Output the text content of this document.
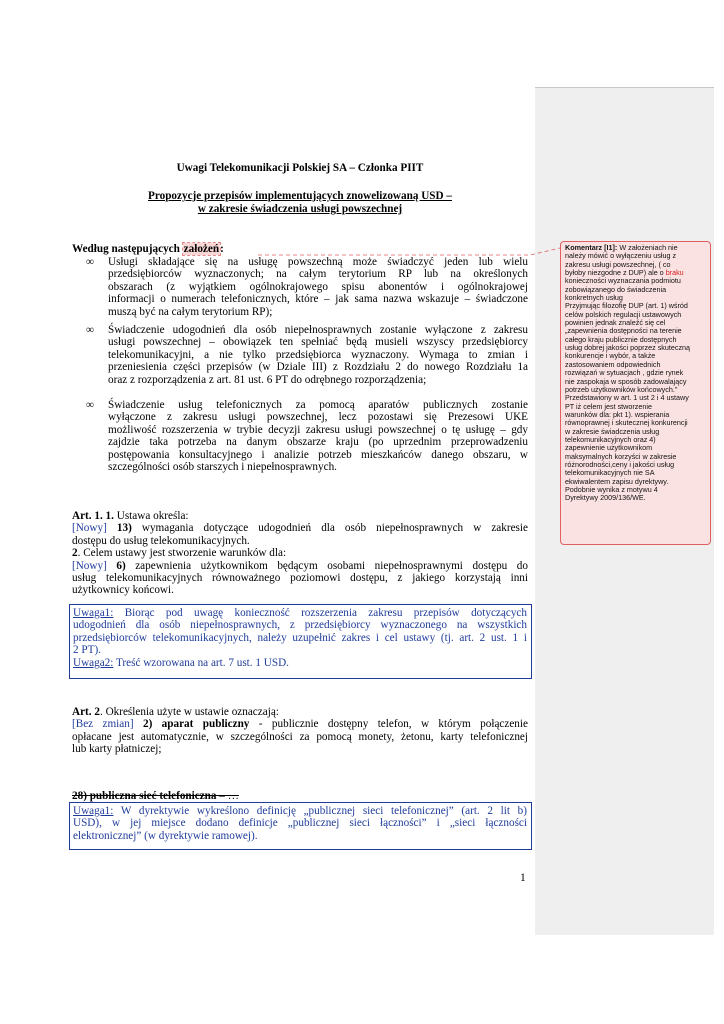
Uwagi Telekomunikacji Polskiej SA – Członka PIIT
Propozycje przepisów implementujących znowelizowaną USD –
w zakresie świadczenia usługi powszechnej
Według następujących założeń:
∞ Usługi składające się na usługę powszechną może świadczyć jeden lub wielu
przedsiębiorców wyznaczonych; na całym terytorium RP lub na określonych
obszarach (z wyjątkiem ogólnokrajowego spisu abonentów i ogólnokrajowej
informacji o numerach telefonicznych, które – jak sama nazwa wskazuje – świadczone
muszą być na całym terytorium RP);
∞ Świadczenie udogodnień dla osób niepełnosprawnych zostanie wyłączone z zakresu
usługi powszechnej – obowiązek ten spełniać będą musieli wszyscy przedsiębiorcy
telekomunikacyjni, a nie tylko przedsiębiorca wyznaczony. Wymaga to zmian i
przeniesienia części przepisów (w Dziale III) z Rozdziału 2 do nowego Rozdziału 1a
oraz z rozporządzenia z art. 81 ust. 6 PT do odrębnego rozporządzenia;
∞ Świadczenie usług telefonicznych za pomocą aparatów publicznych zostanie
wyłączone z zakresu usługi powszechnej, lecz pozostawi się Prezesowi UKE
możliwość rozszerzenia w trybie decyzji zakresu usługi powszechnej o tę usługę – gdy
zajdzie taka potrzeba na danym obszarze kraju (po uprzednim przeprowadzeniu
postępowania konsultacyjnego i analizie potrzeb mieszkańców danego obszaru, w
szczególności osób starszych i niepełnosprawnych.
Art. 1. 1. Ustawa określa:
[Nowy] 13) wymagania dotyczące udogodnień dla osób niepełnosprawnych w zakresie
dostępu do usług telekomunikacyjnych.
2. Celem ustawy jest stworzenie warunków dla:
[Nowy] 6) zapewnienia użytkownikom będącym osobami niepełnosprawnymi dostępu do
usług telekomunikacyjnych równoważnego poziomowi dostępu, z jakiego korzystają inni
użytkownicy końcowi.
Uwaga1: Biorąc pod uwagę konieczność rozszerzenia zakresu przepisów dotyczących
udogodnień dla osób niepełnosprawnych, z przedsiębiorcy wyznaczonego na wszystkich
przedsiębiorców telekomunikacyjnych, należy uzupełnić zakres i cel ustawy (tj. art. 2 ust. 1 i
2 PT).
Uwaga2: Treść wzorowana na art. 7 ust. 1 USD.
Art. 2. Określenia użyte w ustawie oznaczają:
[Bez zmian] 2) aparat publiczny - publicznie dostępny telefon, w którym połączenie
opłacane jest automatycznie, w szczególności za pomocą monety, żetonu, karty telefonicznej
lub karty płatniczej;
28) publiczna sieć telefoniczna – …
Uwaga1: W dyrektywie wykreślono definicję „publicznej sieci telefonicznej” (art. 2 lit b)
USD), w jej miejsce dodano definicje „publicznej sieci łączności” i „sieci łączności
elektronicznej” (w dyrektywie ramowej).
1
Komentarz [I1]: W założeniach nie
należy mówić o wyłączeniu usług z
zakresu usługi powszechnej, ( co
byłoby niezgodne z DUP) ale o braku
konieczności wyznaczania podmiotu
zobowiązanego do świadczenia
konkretnych usług
Przyjmując filozofię DUP (art. 1) wśród
celów polskich regulacji ustawowych
powinien jednak znaleźć się cel
„zapewnienia dostępności na terenie
całego kraju publicznie dostępnych
usług dobrej jakości poprzez skuteczną
konkurencje i wybór, a także
zastosowaniem odpowiednich
rozwiązań w sytuacjach , gdzie rynek
nie zaspokaja w sposób zadowalający
potrzeb użytkowników końcowych."
Przedstawiony w art. 1 ust 2 i 4 ustawy
PT iż celem jest stworzenie
warunków dla: pkt 1). wspierania
równoprawnej i skutecznej konkurencji
w zakresie świadczenia usług
telekomunikacyjnych oraz 4)
zapewnienie użytkownikom
maksymalnych korzyści w zakresie
różnorodności,ceny i jakości usług
telekomunikacyjnych nie SA
ekwiwalentem zapisu dyrektywy.
Podobnie wynika z motywu 4
Dyrektywy 2009/136/WE.
